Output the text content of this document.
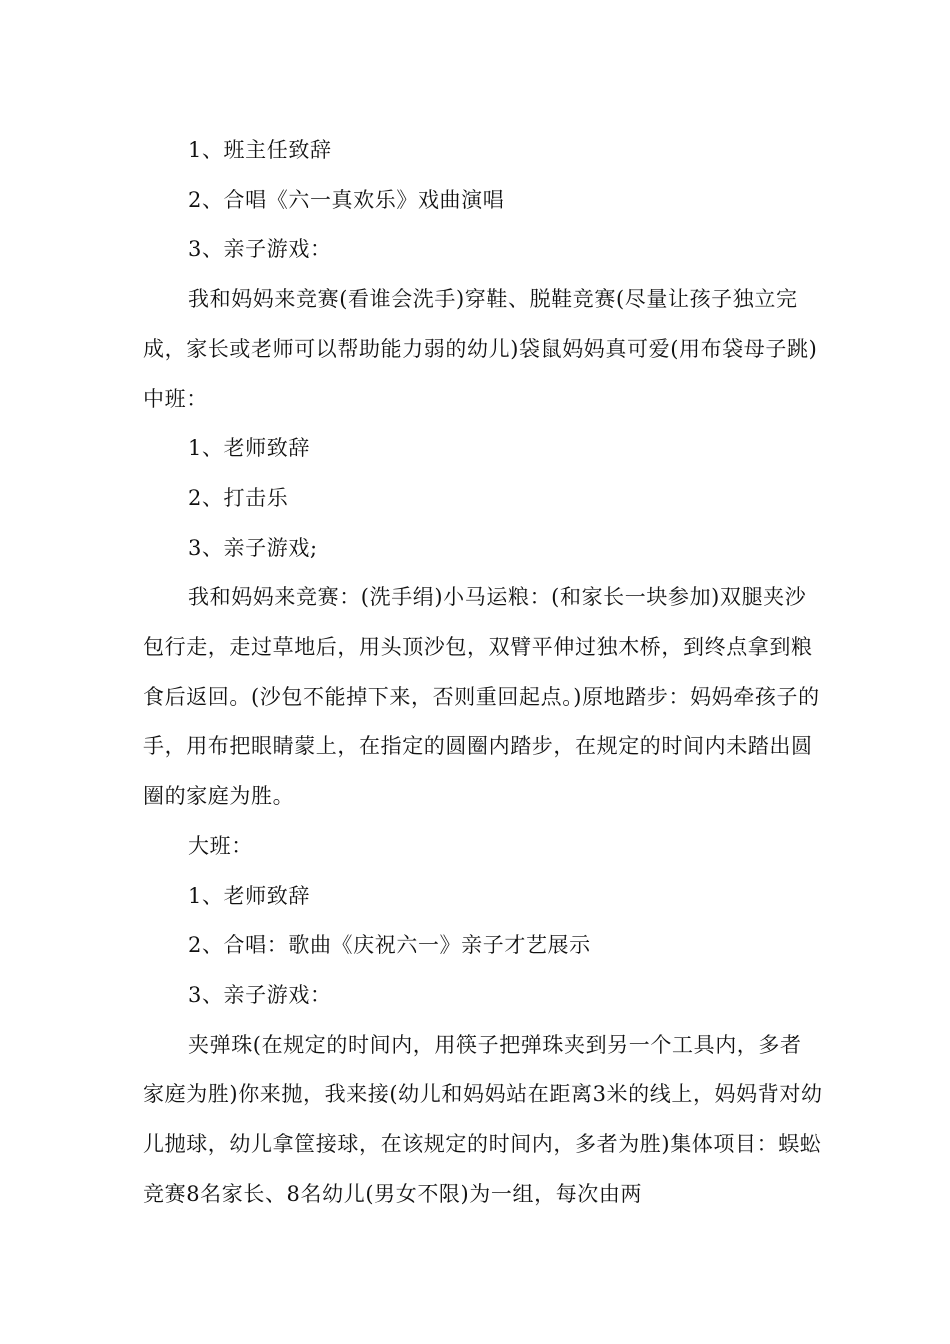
1、班主任致辞

2、合唱《六一真欢乐》戏曲演唱

3、亲子游戏：

我和妈妈来竞赛(看谁会洗手)穿鞋、脱鞋竞赛(尽量让孩子独立完成，家长或老师可以帮助能力弱的幼儿)袋鼠妈妈真可爱(用布袋母子跳)中班：

1、老师致辞

2、打击乐

3、亲子游戏;

我和妈妈来竞赛：(洗手绢)小马运粮：(和家长一块参加)双腿夹沙包行走，走过草地后，用头顶沙包，双臂平伸过独木桥，到终点拿到粮食后返回。(沙包不能掉下来，否则重回起点。)原地踏步：妈妈牵孩子的手，用布把眼睛蒙上，在指定的圆圈内踏步，在规定的时间内未踏出圆圈的家庭为胜。

大班：

1、老师致辞

2、合唱：歌曲《庆祝六一》亲子才艺展示

3、亲子游戏：

夹弹珠(在规定的时间内，用筷子把弹珠夹到另一个工具内，多者家庭为胜)你来抛，我来接(幼儿和妈妈站在距离3米的线上，妈妈背对幼儿抛球，幼儿拿筐接球，在该规定的时间内，多者为胜)集体项目：蜈蚣竞赛8名家长、8名幼儿(男女不限)为一组，每次由两
